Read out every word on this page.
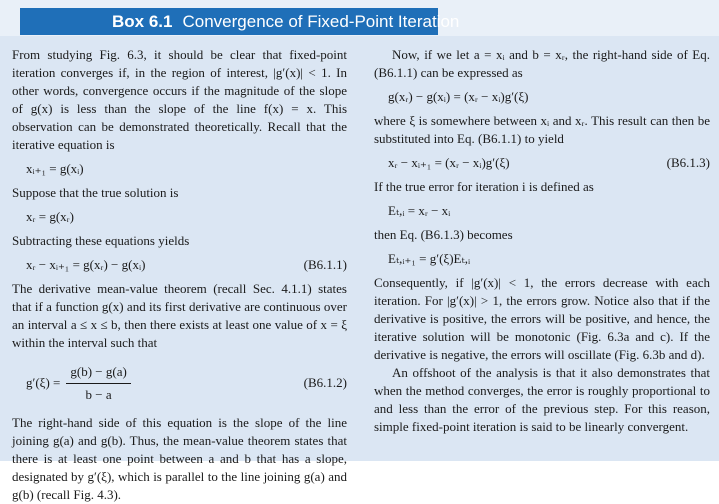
Box 6.1 Convergence of Fixed-Point Iteration

From studying Fig. 6.3, it should be clear that fixed-point iteration converges if, in the region of interest, |g′(x)| < 1. In other words, convergence occurs if the magnitude of the slope of g(x) is less than the slope of the line f(x) = x. This observation can be demonstrated theoretically. Recall that the iterative equation is

xᵢ₊₁ = g(xᵢ)

Suppose that the true solution is

xᵣ = g(xᵣ)

Subtracting these equations yields

xᵣ − xᵢ₊₁ = g(xᵣ) − g(xᵢ)	(B6.1.1)

The derivative mean-value theorem (recall Sec. 4.1.1) states that if a function g(x) and its first derivative are continuous over an interval a ≤ x ≤ b, then there exists at least one value of x = ξ within the interval such that

$g'(\xi) = \frac{g(b) - g(a)}{b - a}$	(B6.1.2)

The right-hand side of this equation is the slope of the line joining g(a) and g(b). Thus, the mean-value theorem states that there is at least one point between a and b that has a slope, designated by g′(ξ), which is parallel to the line joining g(a) and g(b) (recall Fig. 4.3).

Now, if we let a = xᵢ and b = xᵣ, the right-hand side of Eq. (B6.1.1) can be expressed as

g(xᵣ) − g(xᵢ) = (xᵣ − xᵢ)g′(ξ)

where ξ is somewhere between xᵢ and xᵣ. This result can then be substituted into Eq. (B6.1.1) to yield

xᵣ − xᵢ₊₁ = (xᵣ − xᵢ)g′(ξ)	(B6.1.3)

If the true error for iteration i is defined as

Eₜ,ᵢ = xᵣ − xᵢ

then Eq. (B6.1.3) becomes

Eₜ,ᵢ₊₁ = g′(ξ)Eₜ,ᵢ

Consequently, if |g′(x)| < 1, the errors decrease with each iteration. For |g′(x)| > 1, the errors grow. Notice also that if the derivative is positive, the errors will be positive, and hence, the iterative solution will be monotonic (Fig. 6.3a and c). If the derivative is negative, the errors will oscillate (Fig. 6.3b and d).

An offshoot of the analysis is that it also demonstrates that when the method converges, the error is roughly proportional to and less than the error of the previous step. For this reason, simple fixed-point iteration is said to be linearly convergent.
